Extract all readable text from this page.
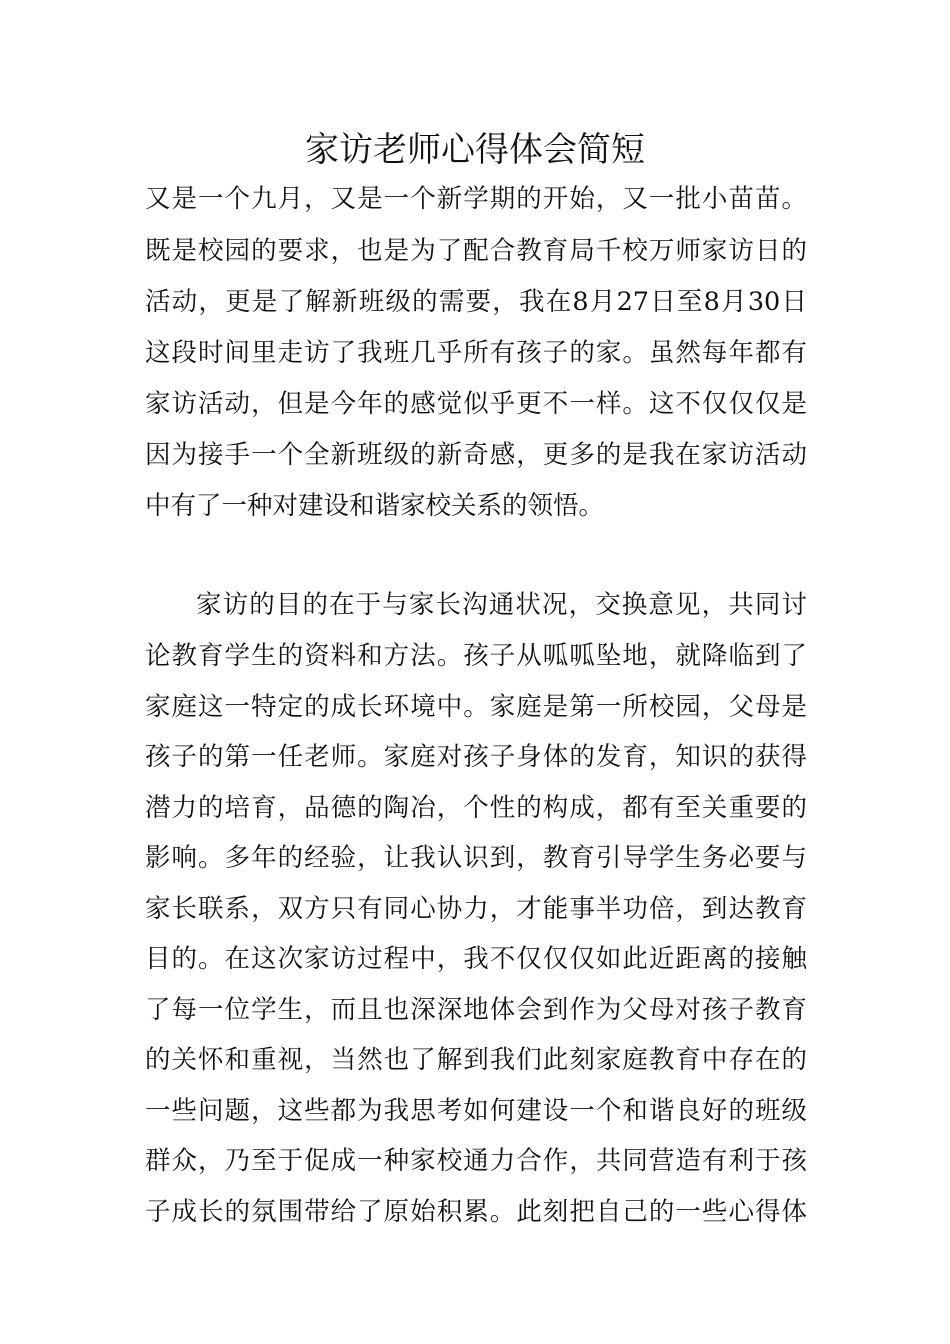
家访老师心得体会简短
又是一个九月，又是一个新学期的开始，又一批小苗苗。
既是校园的要求，也是为了配合教育局千校万师家访日的
活动，更是了解新班级的需要，我在8月27日至8月30日
这段时间里走访了我班几乎所有孩子的家。虽然每年都有
家访活动，但是今年的感觉似乎更不一样。这不仅仅仅是
因为接手一个全新班级的新奇感，更多的是我在家访活动
中有了一种对建设和谐家校关系的领悟。
家访的目的在于与家长沟通状况，交换意见，共同讨
论教育学生的资料和方法。孩子从呱呱坠地，就降临到了
家庭这一特定的成长环境中。家庭是第一所校园，父母是
孩子的第一任老师。家庭对孩子身体的发育，知识的获得
潜力的培育，品德的陶冶，个性的构成，都有至关重要的
影响。多年的经验，让我认识到，教育引导学生务必要与
家长联系，双方只有同心协力，才能事半功倍，到达教育
目的。在这次家访过程中，我不仅仅仅如此近距离的接触
了每一位学生，而且也深深地体会到作为父母对孩子教育
的关怀和重视，当然也了解到我们此刻家庭教育中存在的
一些问题，这些都为我思考如何建设一个和谐良好的班级
群众，乃至于促成一种家校通力合作，共同营造有利于孩
子成长的氛围带给了原始积累。此刻把自己的一些心得体
